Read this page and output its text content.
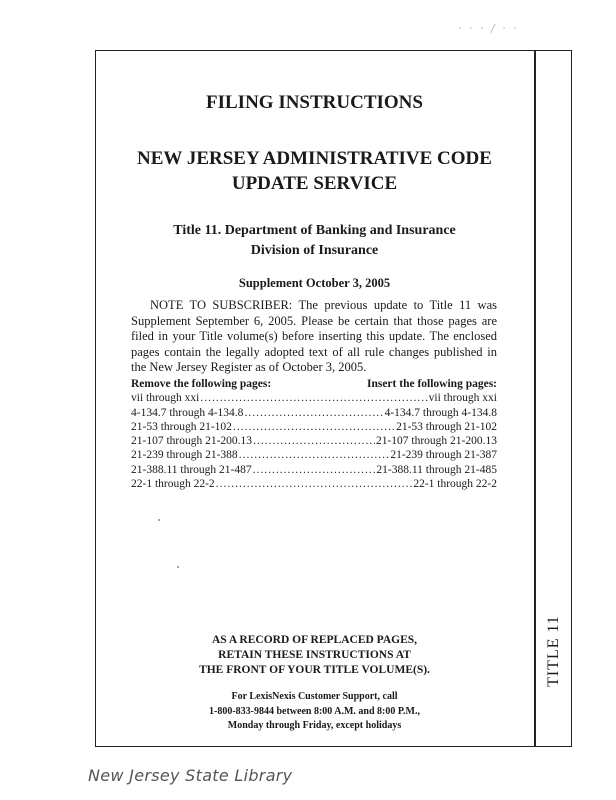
· · · / · ·
TITLE 11
FILING INSTRUCTIONS
NEW JERSEY ADMINISTRATIVE CODE
UPDATE SERVICE
Title 11. Department of Banking and Insurance
Division of Insurance
Supplement October 3, 2005
NOTE TO SUBSCRIBER: The previous update to Title 11 was Supplement September 6, 2005. Please be certain that those pages are filed in your Title volume(s) before inserting this update. The enclosed pages contain the legally adopted text of all rule changes published in the New Jersey Register as of October 3, 2005.
Remove the following pages:	Insert the following pages:
vii through xxi .....	vii through xxi
4-134.7 through 4-134.8 .....	4-134.7 through 4-134.8
21-53 through 21-102 .....	21-53 through 21-102
21-107 through 21-200.13 .....	21-107 through 21-200.13
21-239 through 21-388 .....	21-239 through 21-387
21-388.11 through 21-487 .....	21-388.11 through 21-485
22-1 through 22-2 .....	22-1 through 22-2
AS A RECORD OF REPLACED PAGES,
RETAIN THESE INSTRUCTIONS AT
THE FRONT OF YOUR TITLE VOLUME(S).
For LexisNexis Customer Support, call
1-800-833-9844 between 8:00 A.M. and 8:00 P.M.,
Monday through Friday, except holidays
New Jersey State Library
